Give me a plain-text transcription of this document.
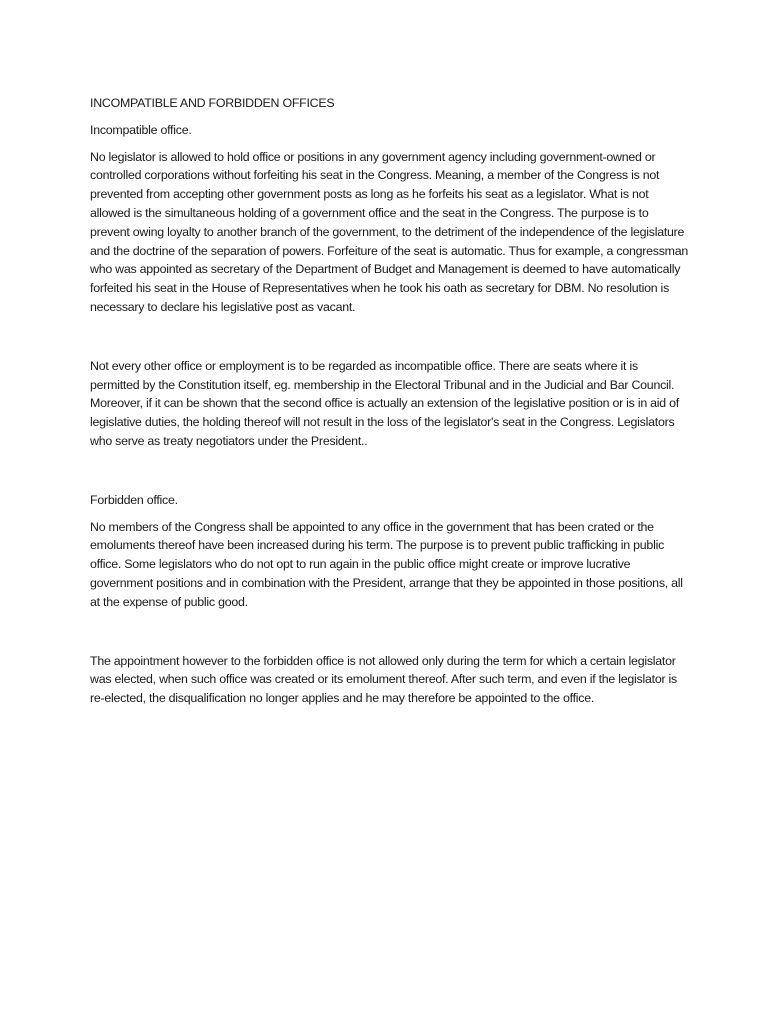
INCOMPATIBLE AND FORBIDDEN OFFICES
Incompatible office.

No legislator is allowed to hold office or positions in any government agency including government-owned or controlled corporations without forfeiting his seat in the Congress. Meaning, a member of the Congress is not prevented from accepting other government posts as long as he forfeits his seat as a legislator. What is not allowed is the simultaneous holding of a government office and the seat in the Congress. The purpose is to prevent owing loyalty to another branch of the government, to the detriment of the independence of the legislature and the doctrine of the separation of powers. Forfeiture of the seat is automatic. Thus for example, a congressman who was appointed as secretary of the Department of Budget and Management is deemed to have automatically forfeited his seat in the House of Representatives when he took his oath as secretary for DBM. No resolution is necessary to declare his legislative post as vacant.

Not every other office or employment is to be regarded as incompatible office. There are seats where it is permitted by the Constitution itself, eg. membership in the Electoral Tribunal and in the Judicial and Bar Council. Moreover, if it can be shown that the second office is actually an extension of the legislative position or is in aid of legislative duties, the holding thereof will not result in the loss of the legislator's seat in the Congress. Legislators who serve as treaty negotiators under the President..

Forbidden office.

No members of the Congress shall be appointed to any office in the government that has been crated or the emoluments thereof have been increased during his term. The purpose is to prevent public trafficking in public office. Some legislators who do not opt to run again in the public office might create or improve lucrative government positions and in combination with the President, arrange that they be appointed in those positions, all at the expense of public good.

The appointment however to the forbidden office is not allowed only during the term for which a certain legislator was elected, when such office was created or its emolument thereof. After such term, and even if the legislator is re-elected, the disqualification no longer applies and he may therefore be appointed to the office.
